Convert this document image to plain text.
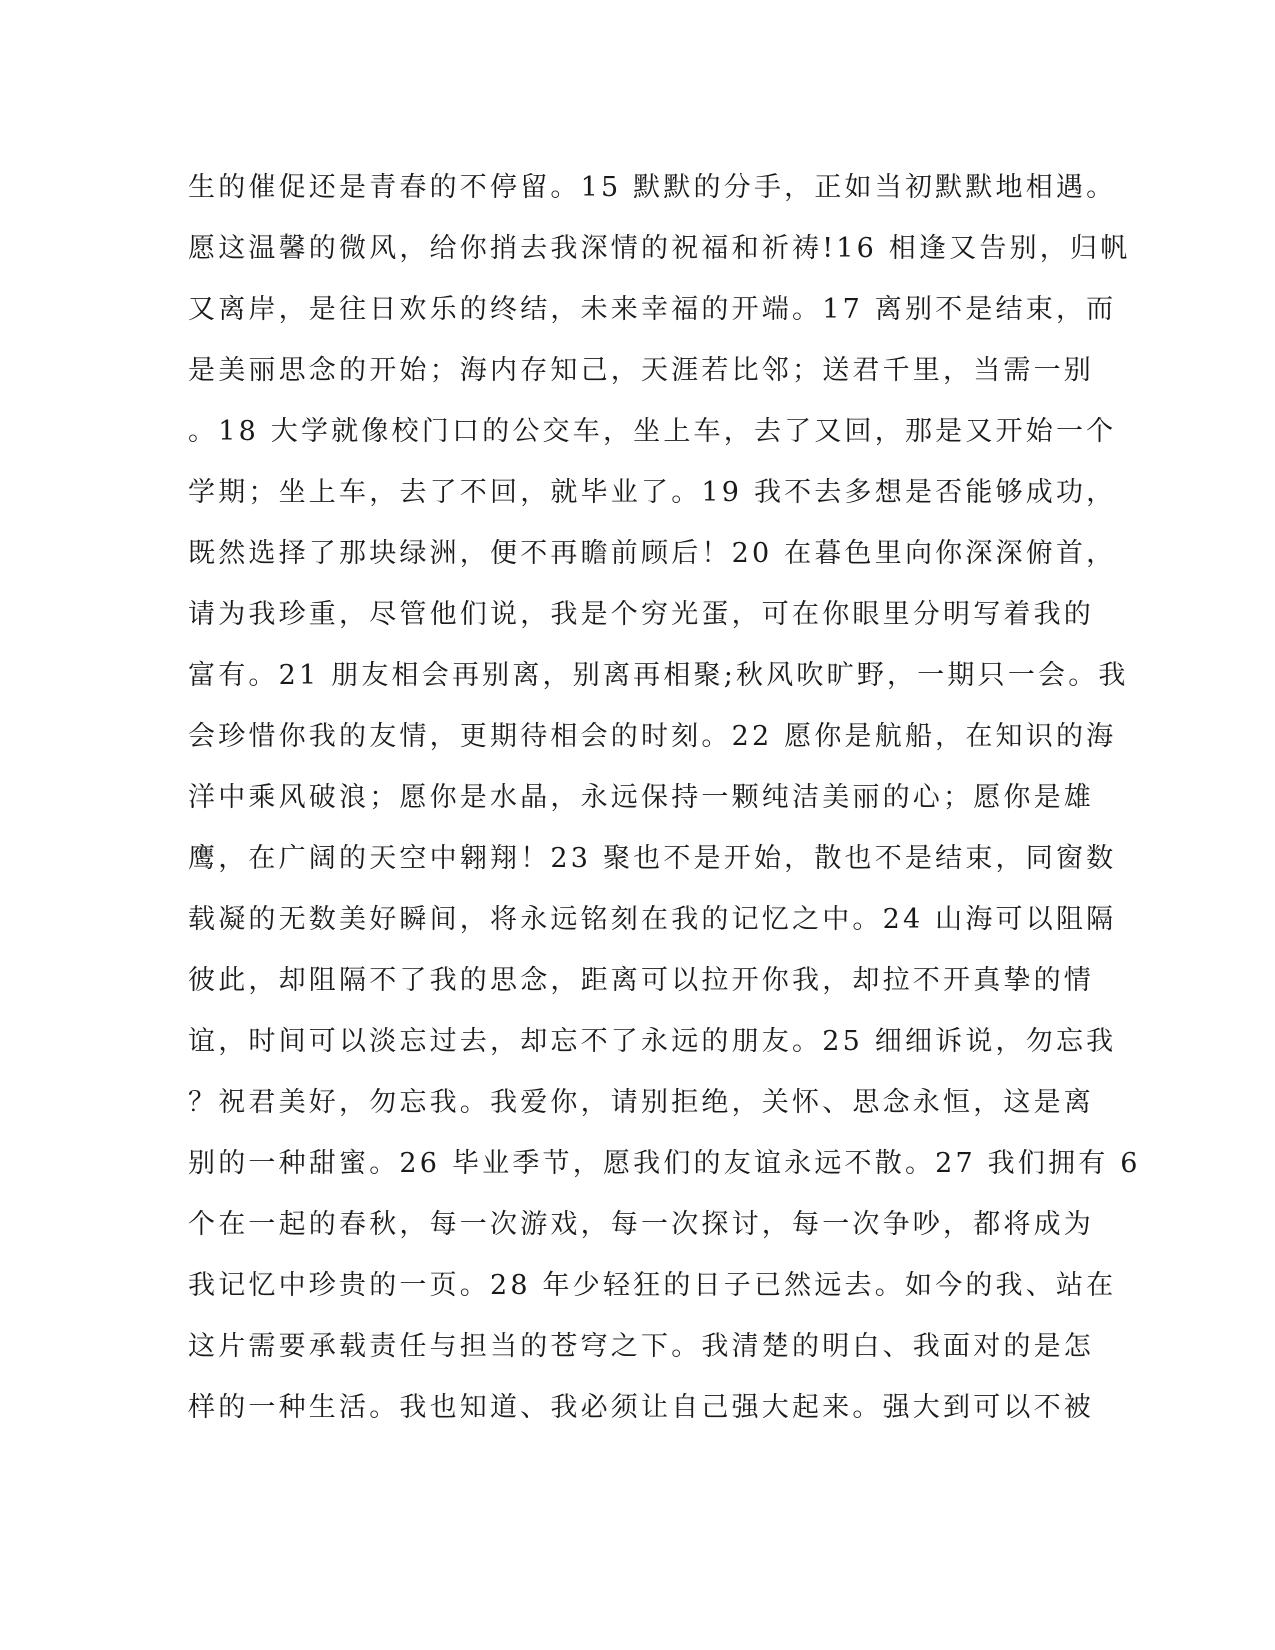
生的催促还是青春的不停留。15 默默的分手，正如当初默默地相遇。
愿这温馨的微风，给你捎去我深情的祝福和祈祷!16 相逢又告别，归帆
又离岸，是往日欢乐的终结，未来幸福的开端。17 离别不是结束，而
是美丽思念的开始；海内存知己，天涯若比邻；送君千里，当需一别
。18 大学就像校门口的公交车，坐上车，去了又回，那是又开始一个
学期；坐上车，去了不回，就毕业了。19 我不去多想是否能够成功，
既然选择了那块绿洲，便不再瞻前顾后！20 在暮色里向你深深俯首，
请为我珍重，尽管他们说，我是个穷光蛋，可在你眼里分明写着我的
富有。21 朋友相会再别离，别离再相聚;秋风吹旷野，一期只一会。我
会珍惜你我的友情，更期待相会的时刻。22 愿你是航船，在知识的海
洋中乘风破浪；愿你是水晶，永远保持一颗纯洁美丽的心；愿你是雄
鹰，在广阔的天空中翱翔！23 聚也不是开始，散也不是结束，同窗数
载凝的无数美好瞬间，将永远铭刻在我的记忆之中。24 山海可以阻隔
彼此，却阻隔不了我的思念，距离可以拉开你我，却拉不开真挚的情
谊，时间可以淡忘过去，却忘不了永远的朋友。25 细细诉说，勿忘我
？祝君美好，勿忘我。我爱你，请别拒绝，关怀、思念永恒，这是离
别的一种甜蜜。26 毕业季节，愿我们的友谊永远不散。27 我们拥有 6
个在一起的春秋，每一次游戏，每一次探讨，每一次争吵，都将成为
我记忆中珍贵的一页。28 年少轻狂的日子已然远去。如今的我、站在
这片需要承载责任与担当的苍穹之下。我清楚的明白、我面对的是怎
样的一种生活。我也知道、我必须让自己强大起来。强大到可以不被
